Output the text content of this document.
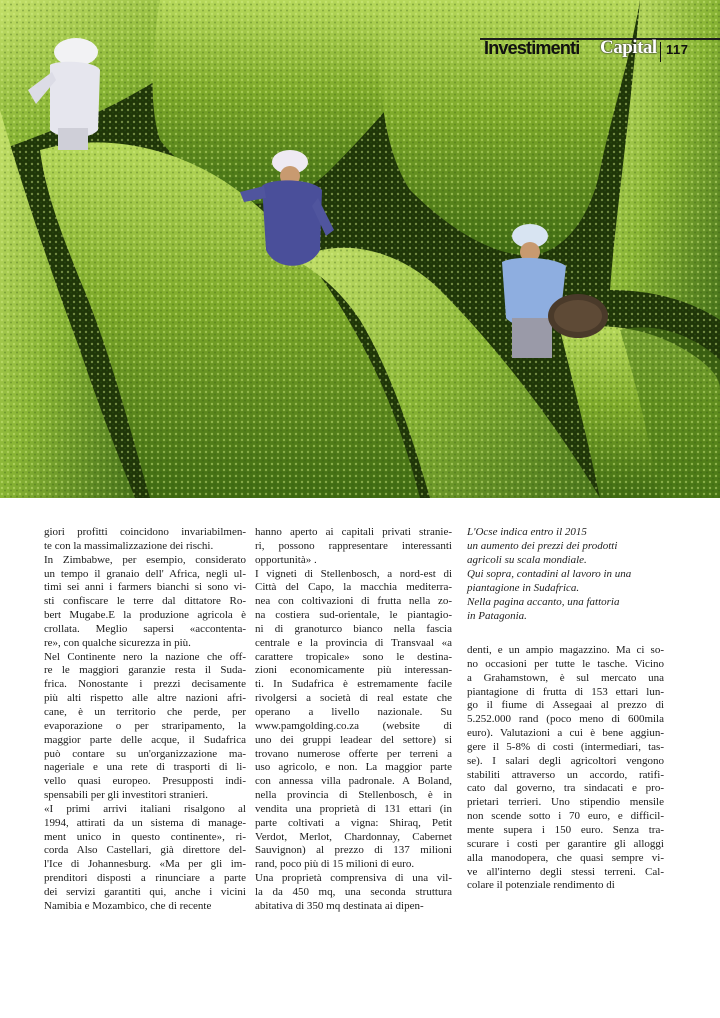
Investimenti Capital 117
L'Ocse indica entro il 2015
un aumento dei prezzi dei prodotti
agricoli su scala mondiale.
Qui sopra, contadini al lavoro in una
piantagione in Sudafrica.
Nella pagina accanto, una fattoria
in Patagonia.
giori profitti coincidono invariabilmen-
te con la massimalizzazione dei rischi.
In Zimbabwe, per esempio, considerato
un tempo il granaio dell' Africa, negli ul-
timi sei anni i farmers bianchi si sono vi-
sti confiscare le terre dal dittatore Ro-
bert Mugabe.E la produzione agricola è
crollata. Meglio sapersi «accontenta-
re», con qualche sicurezza in più.
Nel Continente nero la nazione che off-
re le maggiori garanzie resta il Suda-
frica. Nonostante i prezzi decisamente
più alti rispetto alle altre nazioni afri-
cane, è un territorio che perde, per
evaporazione o per straripamento, la
maggior parte delle acque, il Sudafrica
può contare su un'organizzazione ma-
nageriale e una rete di trasporti di li-
vello quasi europeo. Presupposti indi-
spensabili per gli investitori stranieri.
«I primi arrivi italiani risalgono al
1994, attirati da un sistema di manage-
ment unico in questo continente», ri-
corda Also Castellari, già direttore del-
l'Ice di Johannesburg. «Ma per gli im-
prenditori disposti a rinunciare a parte
dei servizi garantiti qui, anche i vicini
Namibia e Mozambico, che di recente
hanno aperto ai capitali privati stranie-
ri, possono rappresentare interessanti
opportunità» .
I vigneti di Stellenbosch, a nord-est di
Città del Capo, la macchia mediterra-
nea con coltivazioni di frutta nella zo-
na costiera sud-orientale, le piantagio-
ni di granoturco bianco nella fascia
centrale e la provincia di Transvaal «a
carattere tropicale» sono le destina-
zioni economicamente più interessan-
ti. In Sudafrica è estremamente facile
rivolgersi a società di real estate che
operano a livello nazionale. Su
www.pamgolding.co.za (website di
uno dei gruppi leadear del settore) si
trovano numerose offerte per terreni a
uso agricolo, e non. La maggior parte
con annessa villa padronale. A Boland,
nella provincia di Stellenbosch, è in
vendita una proprietà di 131 ettari (in
parte coltivati a vigna: Shiraq, Petit
Verdot, Merlot, Chardonnay, Cabernet
Sauvignon) al prezzo di 137 milioni
rand, poco più di 15 milioni di euro.
Una proprietà comprensiva di una vil-
la da 450 mq, una seconda struttura
abitativa di 350 mq destinata ai dipen-
denti, e un ampio magazzino. Ma ci so-
no occasioni per tutte le tasche. Vicino
a Grahamstown, è sul mercato una
piantagione di frutta di 153 ettari lun-
go il fiume di Assegaai al prezzo di
5.252.000 rand (poco meno di 600mila
euro). Valutazioni a cui è bene aggiun-
gere il 5-8% di costi (intermediari, tas-
se). I salari degli agricoltori vengono
stabiliti attraverso un accordo, ratifi-
cato dal governo, tra sindacati e pro-
prietari terrieri. Uno stipendio mensile
non scende sotto i 70 euro, e difficil-
mente supera i 150 euro. Senza tra-
scurare i costi per garantire gli alloggi
alla manodopera, che quasi sempre vi-
ve all'interno degli stessi terreni. Cal-
colare il potenziale rendimento di
